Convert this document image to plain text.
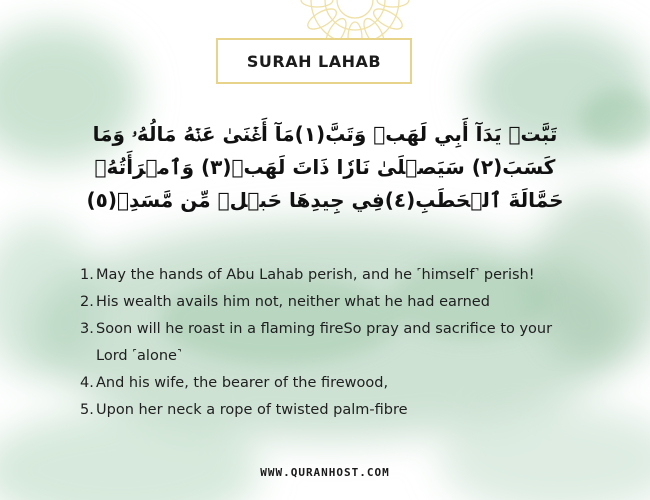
SURAH LAHAB
تَبَّتۡ يَدَآ أَبِي لَهَبٖ وَتَبَّ(١)مَآ أَغۡنَىٰ عَنۡهُ مَالُهُۥ وَمَا كَسَبَ(٢) سَيَصۡلَىٰ نَارٗا ذَاتَ لَهَبٖ(٣) وَٱمۡرَأَتُهُۥ حَمَّالَةَ ٱلۡحَطَبِ(٤)فِي جِيدِهَا حَبۡلٞ مِّن مَّسَدِۭ(٥)
1. May the hands of Abu Lahab perish, and he ˹himself˺ perish!
2. His wealth avails him not, neither what he had earned
3. Soon will he roast in a flaming fireSo pray and sacrifice to your Lord ˹alone˺
4. And his wife, the bearer of the firewood,
5. Upon her neck a rope of twisted palm-fibre
WWW.QURANHOST.COM
